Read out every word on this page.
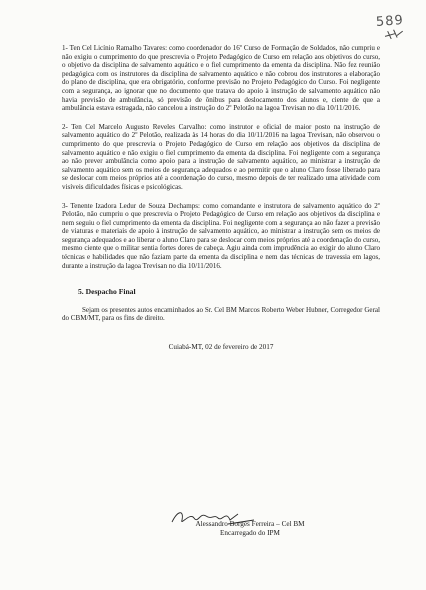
589

1- Ten Cel Licínio Ramalho Tavares: como coordenador do 16º Curso de Formação de Soldados, não cumpriu e não exigiu o cumprimento do que prescrevia o Projeto Pedagógico de Curso em relação aos objetivos do curso, o objetivo da disciplina de salvamento aquático e o fiel cumprimento da ementa da disciplina. Não fez reunião pedagógica com os instrutores da disciplina de salvamento aquático e não cobrou dos instrutores a elaboração do plano de disciplina, que era obrigatório, conforme previsão no Projeto Pedagógico do Curso. Foi negligente com a segurança, ao ignorar que no documento que tratava do apoio à instrução de salvamento aquático não havia previsão de ambulância, só previsão de ônibus para deslocamento dos alunos e, ciente de que a ambulância estava estragada, não cancelou a instrução do 2º Pelotão na lagoa Trevisan no dia 10/11/2016.

2- Ten Cel Marcelo Augusto Reveles Carvalho: como instrutor e oficial de maior posto na instrução de salvamento aquático do 2º Pelotão, realizada às 14 horas do dia 10/11/2016 na lagoa Trevisan, não observou o cumprimento do que prescrevia o Projeto Pedagógico de Curso em relação aos objetivos da disciplina de salvamento aquático e não exigiu o fiel cumprimento da ementa da disciplina. Foi negligente com a segurança ao não prever ambulância como apoio para a instrução de salvamento aquático, ao ministrar a instrução de salvamento aquático sem os meios de segurança adequados e ao permitir que o aluno Claro fosse liberado para se deslocar com meios próprios até a coordenação do curso, mesmo depois de ter realizado uma atividade com visíveis dificuldades físicas e psicológicas.

3- Tenente Izadora Ledur de Souza Dechamps: como comandante e instrutora de salvamento aquático do 2º Pelotão, não cumpriu o que prescrevia o Projeto Pedagógico de Curso em relação aos objetivos da disciplina e nem seguiu o fiel cumprimento da ementa da disciplina. Foi negligente com a segurança ao não fazer a previsão de viaturas e materiais de apoio à instrução de salvamento aquático, ao ministrar a instrução sem os meios de segurança adequados e ao liberar o aluno Claro para se deslocar com meios próprios até a coordenação do curso, mesmo ciente que o militar sentia fortes dores de cabeça. Agiu ainda com imprudência ao exigir do aluno Claro técnicas e habilidades que não faziam parte da ementa da disciplina e nem das técnicas de travessia em lagos, durante a instrução da lagoa Trevisan no dia 10/11/2016.

5. Despacho Final

Sejam os presentes autos encaminhados ao Sr. Cel BM Marcos Roberto Weber Hubner, Corregedor Geral do CBM/MT, para os fins de direito.

Cuiabá-MT, 02 de fevereiro de 2017
Alessandro Borges Ferreira – Cel BM
Encarregado do IPM
